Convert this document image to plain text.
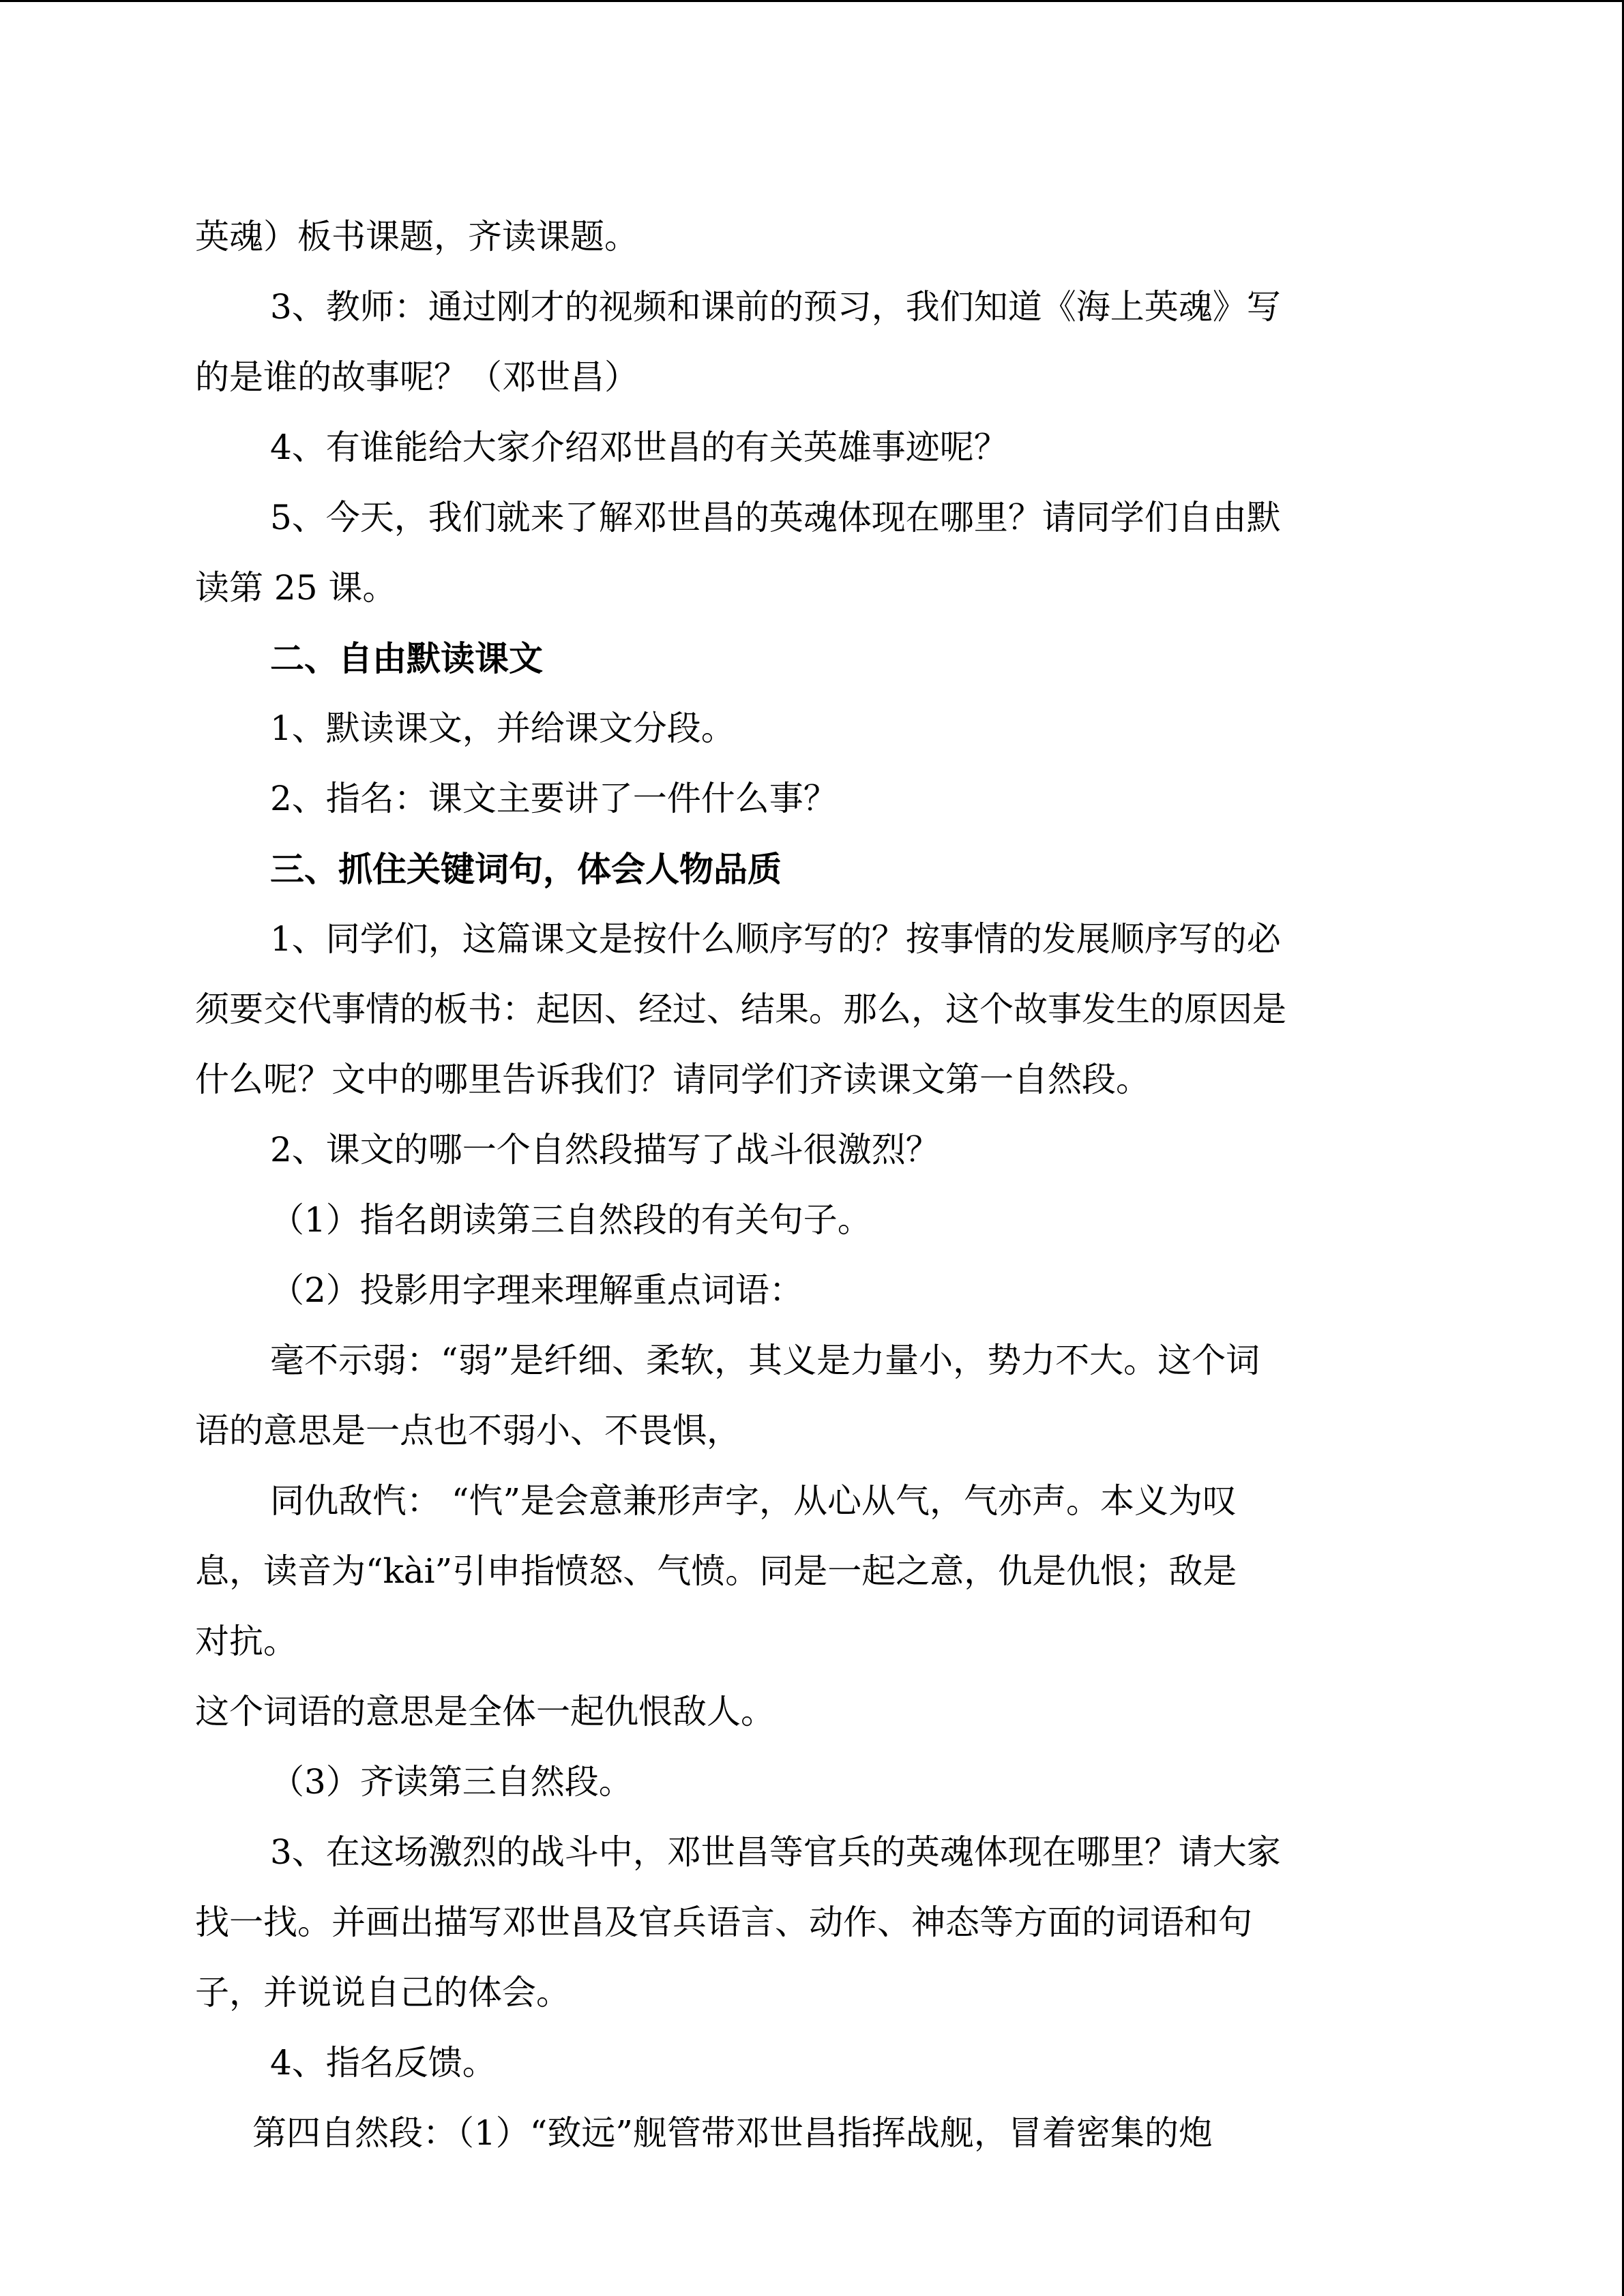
英魂）板书课题，齐读课题。
3、教师：通过刚才的视频和课前的预习，我们知道《海上英魂》写
的是谁的故事呢？（邓世昌）
4、有谁能给大家介绍邓世昌的有关英雄事迹呢？
5、今天，我们就来了解邓世昌的英魂体现在哪里？请同学们自由默
读第 25 课。
二、自由默读课文
1、默读课文，并给课文分段。
2、指名：课文主要讲了一件什么事？
三、抓住关键词句，体会人物品质
1、同学们，这篇课文是按什么顺序写的？按事情的发展顺序写的必
须要交代事情的板书：起因、经过、结果。那么，这个故事发生的原因是
什么呢？文中的哪里告诉我们？请同学们齐读课文第一自然段。
2、课文的哪一个自然段描写了战斗很激烈？
（1）指名朗读第三自然段的有关句子。
（2）投影用字理来理解重点词语：
毫不示弱：“弱”是纤细、柔软，其义是力量小，势力不大。这个词
语的意思是一点也不弱小、不畏惧，
同仇敌忾： “忾”是会意兼形声字，从心从气，气亦声。本义为叹
息，读音为“kài”引申指愤怒、气愤。同是一起之意，仇是仇恨；敌是
对抗。
这个词语的意思是全体一起仇恨敌人。
（3）齐读第三自然段。
3、在这场激烈的战斗中，邓世昌等官兵的英魂体现在哪里？请大家
找一找。并画出描写邓世昌及官兵语言、动作、神态等方面的词语和句
子，并说说自己的体会。
4、指名反馈。
第四自然段：（1）“致远”舰管带邓世昌指挥战舰，冒着密集的炮
